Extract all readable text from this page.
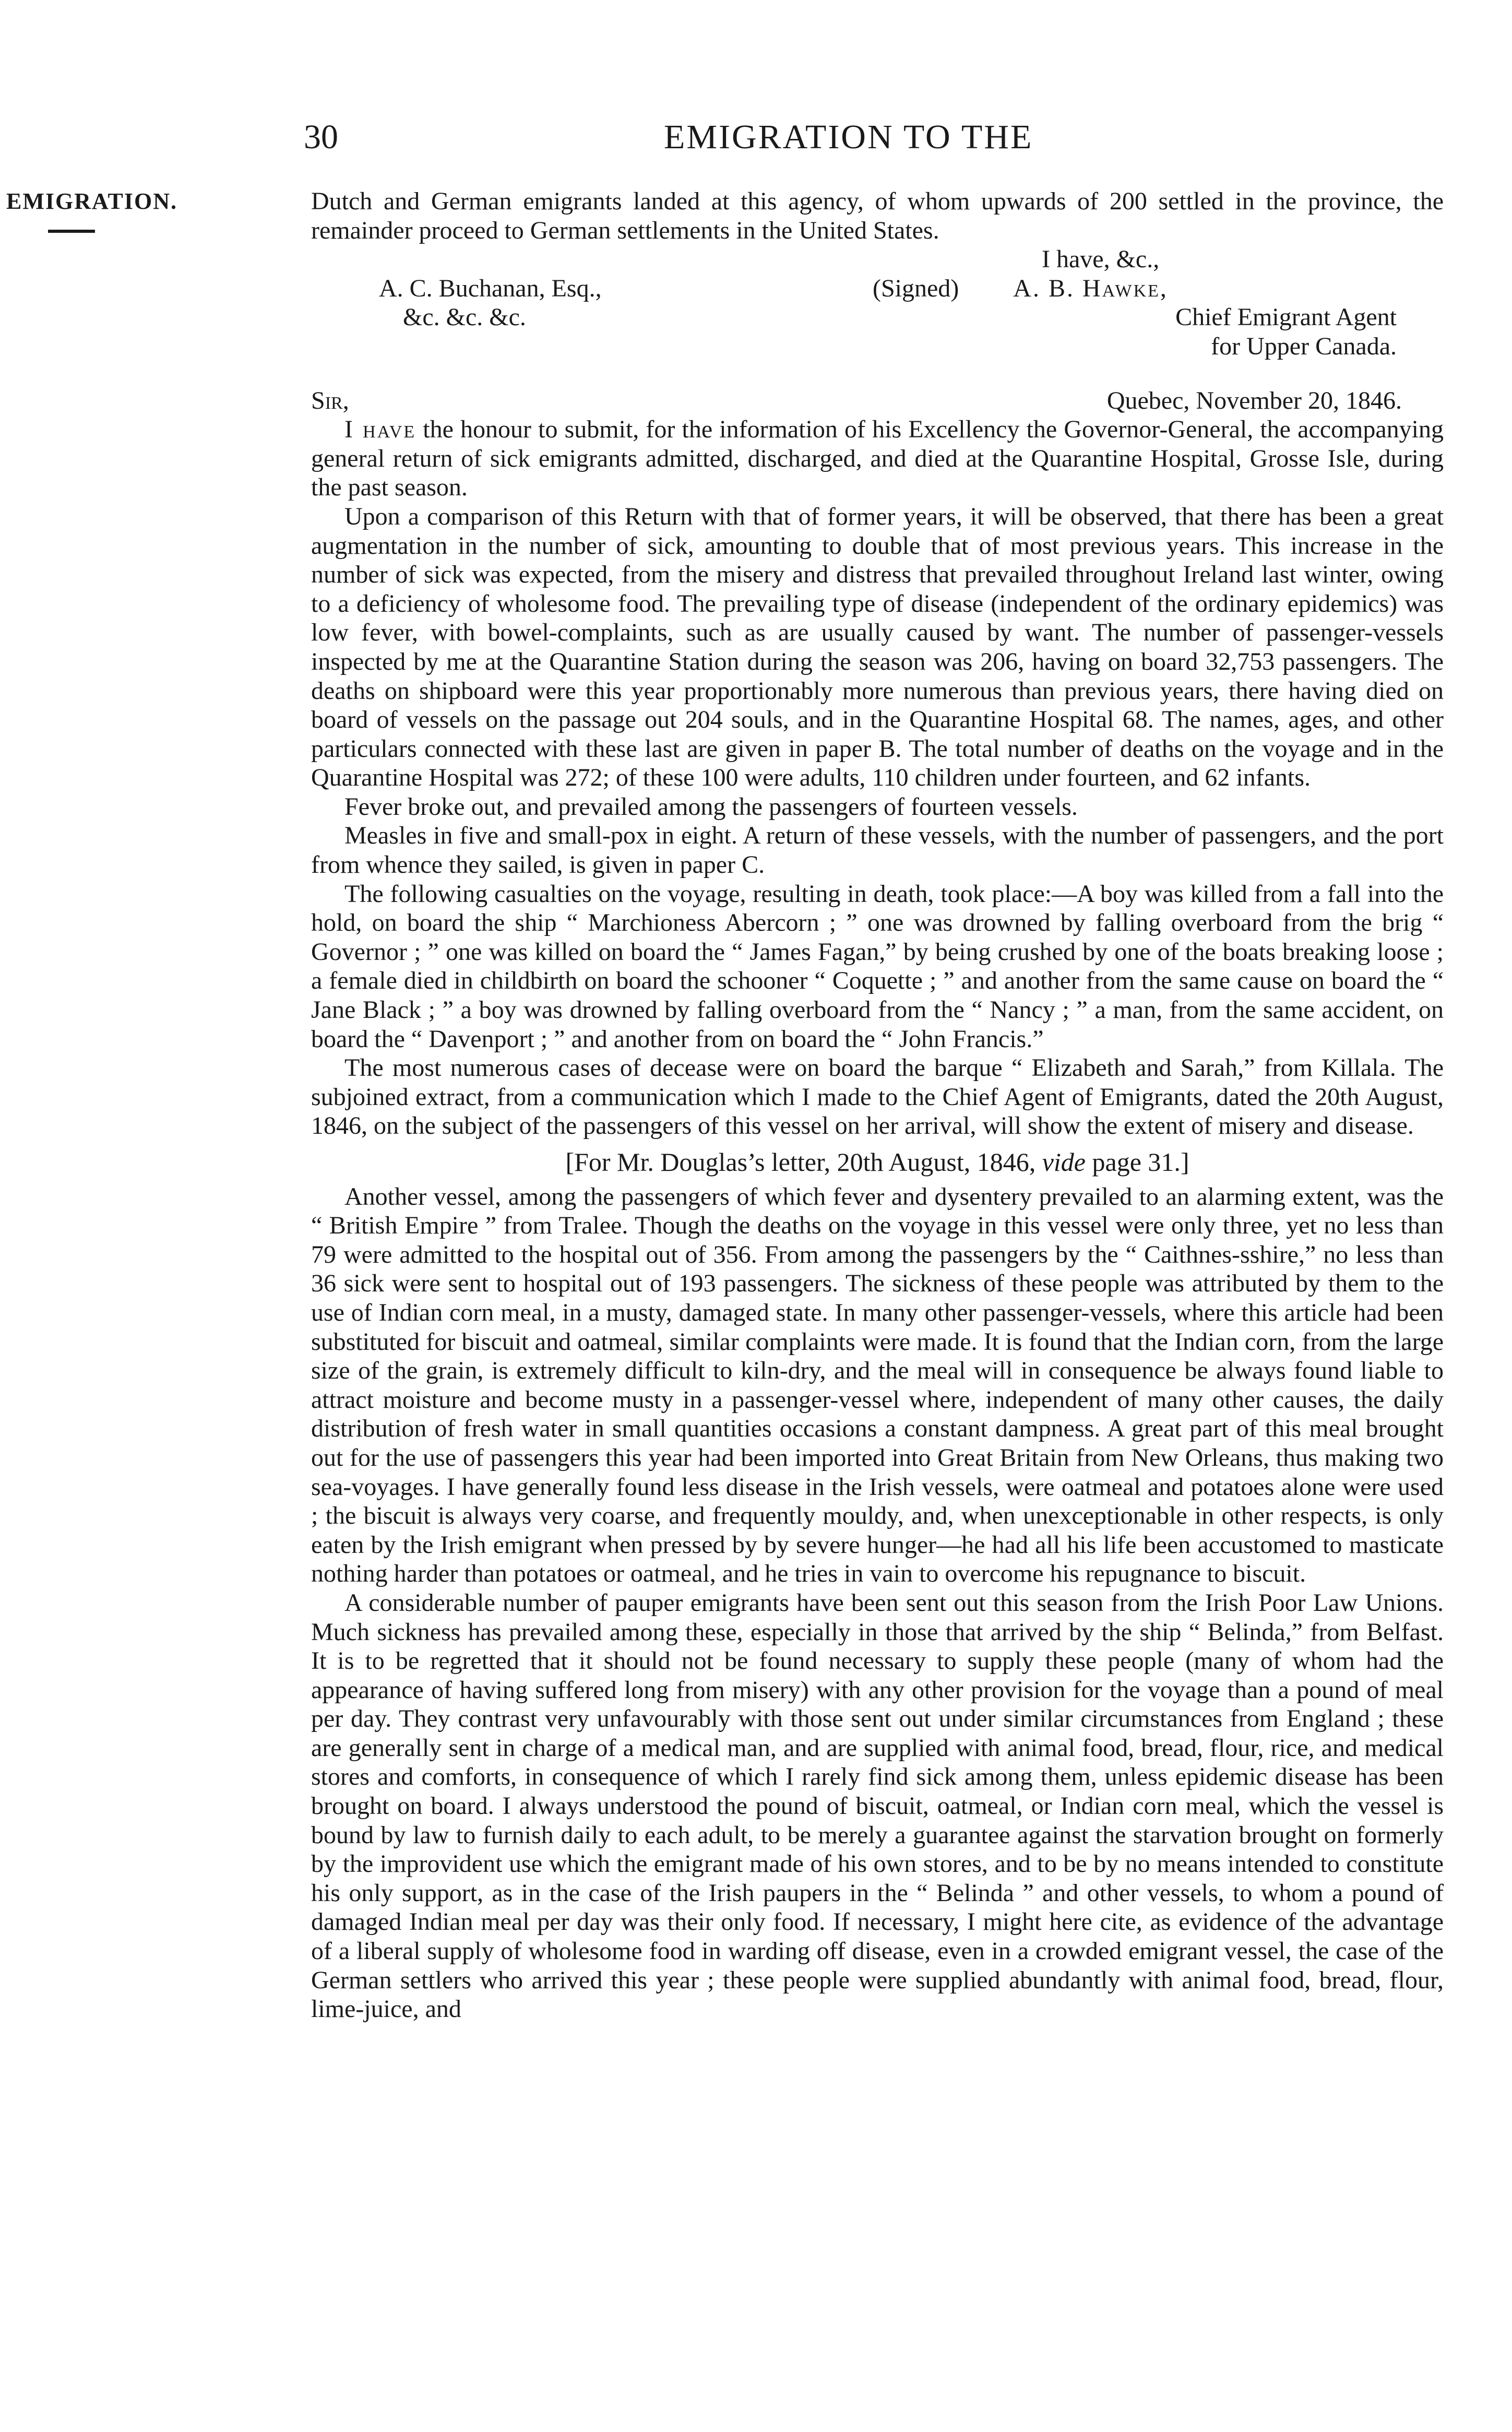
30	EMIGRATION TO THE
EMIGRATION.	Dutch and German emigrants landed at this agency, of whom upwards of 200 settled in the province, the remainder proceed to German settlements in the United States.

I have, &c.,	
A. C. Buchanan, Esq.,	(Signed) A. B. Hawke,
&c. &c. &c.	Chief Emigrant Agent
	for Upper Canada.
Sir,	Quebec, November 20, 1846.

I have the honour to submit, for the information of his Excellency the Governor-General, the accompanying general return of sick emigrants admitted, discharged, and died at the Quarantine Hospital, Grosse Isle, during the past season.

Upon a comparison of this Return with that of former years, it will be observed, that there has been a great augmentation in the number of sick, amounting to double that of most previous years. This increase in the number of sick was expected, from the misery and distress that prevailed throughout Ireland last winter, owing to a deficiency of wholesome food. The prevailing type of disease (independent of the ordinary epidemics) was low fever, with bowel-complaints, such as are usually caused by want. The number of passenger-vessels inspected by me at the Quarantine Station during the season was 206, having on board 32,753 passengers. The deaths on shipboard were this year proportionably more numerous than previous years, there having died on board of vessels on the passage out 204 souls, and in the Quarantine Hospital 68. The names, ages, and other particulars connected with these last are given in paper B. The total number of deaths on the voyage and in the Quarantine Hospital was 272; of these 100 were adults, 110 children under fourteen, and 62 infants.

Fever broke out, and prevailed among the passengers of fourteen vessels.

Measles in five and small-pox in eight. A return of these vessels, with the number of passengers, and the port from whence they sailed, is given in paper C.

The following casualties on the voyage, resulting in death, took place:—A boy was killed from a fall into the hold, on board the ship “ Marchioness Abercorn ; ” one was drowned by falling overboard from the brig “ Governor ; ” one was killed on board the “ James Fagan,” by being crushed by one of the boats breaking loose ; a female died in childbirth on board the schooner “ Coquette ; ” and another from the same cause on board the “ Jane Black ; ” a boy was drowned by falling overboard from the “ Nancy ; ” a man, from the same accident, on board the “ Davenport ; ” and another from on board the “ John Francis.”

The most numerous cases of decease were on board the barque “ Elizabeth and Sarah,” from Killala. The subjoined extract, from a communication which I made to the Chief Agent of Emigrants, dated the 20th August, 1846, on the subject of the passengers of this vessel on her arrival, will show the extent of misery and disease.

[For Mr. Douglas’s letter, 20th August, 1846, vide page 31.]

Another vessel, among the passengers of which fever and dysentery prevailed to an alarming extent, was the “ British Empire ” from Tralee. Though the deaths on the voyage in this vessel were only three, yet no less than 79 were admitted to the hospital out of 356. From among the passengers by the “ Caithnes-sshire,” no less than 36 sick were sent to hospital out of 193 passengers. The sickness of these people was attributed by them to the use of Indian corn meal, in a musty, damaged state. In many other passenger-vessels, where this article had been substituted for biscuit and oatmeal, similar complaints were made. It is found that the Indian corn, from the large size of the grain, is extremely difficult to kiln-dry, and the meal will in consequence be always found liable to attract moisture and become musty in a passenger-vessel where, independent of many other causes, the daily distribution of fresh water in small quantities occasions a constant dampness. A great part of this meal brought out for the use of passengers this year had been imported into Great Britain from New Orleans, thus making two sea-voyages. I have generally found less disease in the Irish vessels, were oatmeal and potatoes alone were used ; the biscuit is always very coarse, and frequently mouldy, and, when unexceptionable in other respects, is only eaten by the Irish emigrant when pressed by by severe hunger—he had all his life been accustomed to masticate nothing harder than potatoes or oatmeal, and he tries in vain to overcome his repugnance to biscuit.

A considerable number of pauper emigrants have been sent out this season from the Irish Poor Law Unions. Much sickness has prevailed among these, especially in those that arrived by the ship “ Belinda,” from Belfast. It is to be regretted that it should not be found necessary to supply these people (many of whom had the appearance of having suffered long from misery) with any other provision for the voyage than a pound of meal per day. They contrast very unfavourably with those sent out under similar circumstances from England ; these are generally sent in charge of a medical man, and are supplied with animal food, bread, flour, rice, and medical stores and comforts, in consequence of which I rarely find sick among them, unless epidemic disease has been brought on board. I always understood the pound of biscuit, oatmeal, or Indian corn meal, which the vessel is bound by law to furnish daily to each adult, to be merely a guarantee against the starvation brought on formerly by the improvident use which the emigrant made of his own stores, and to be by no means intended to constitute his only support, as in the case of the Irish paupers in the “ Belinda ” and other vessels, to whom a pound of damaged Indian meal per day was their only food. If necessary, I might here cite, as evidence of the advantage of a liberal supply of wholesome food in warding off disease, even in a crowded emigrant vessel, the case of the German settlers who arrived this year ; these people were supplied abundantly with animal food, bread, flour, lime-juice, and
